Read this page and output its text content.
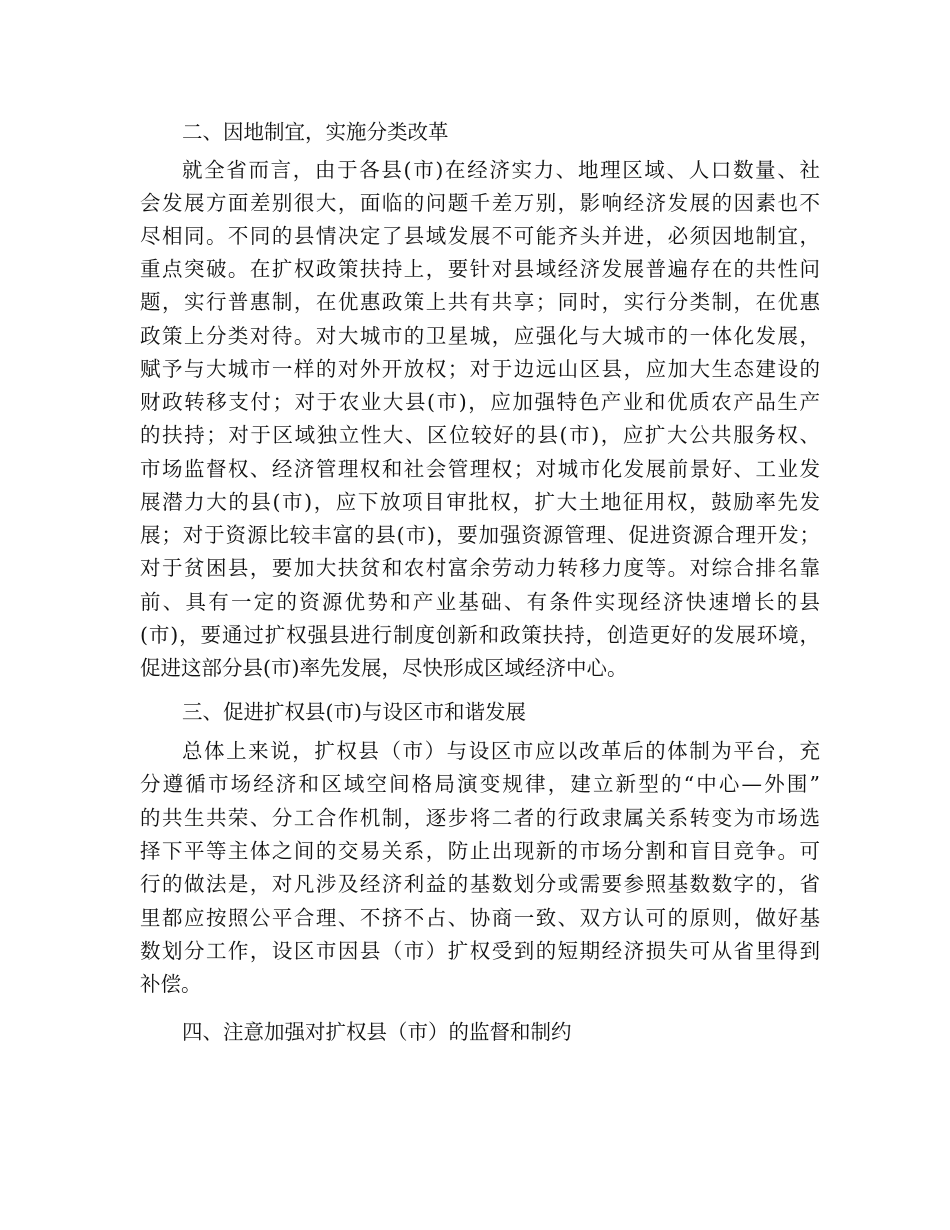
二、因地制宜，实施分类改革
就全省而言，由于各县(市)在经济实力、地理区域、人口数量、社
会发展方面差别很大，面临的问题千差万别，影响经济发展的因素也不
尽相同。不同的县情决定了县域发展不可能齐头并进，必须因地制宜，
重点突破。在扩权政策扶持上，要针对县域经济发展普遍存在的共性问
题，实行普惠制，在优惠政策上共有共享；同时，实行分类制，在优惠
政策上分类对待。对大城市的卫星城，应强化与大城市的一体化发展，
赋予与大城市一样的对外开放权；对于边远山区县，应加大生态建设的
财政转移支付；对于农业大县(市)，应加强特色产业和优质农产品生产
的扶持；对于区域独立性大、区位较好的县(市)，应扩大公共服务权、
市场监督权、经济管理权和社会管理权；对城市化发展前景好、工业发
展潜力大的县(市)，应下放项目审批权，扩大土地征用权，鼓励率先发
展；对于资源比较丰富的县(市)，要加强资源管理、促进资源合理开发；
对于贫困县，要加大扶贫和农村富余劳动力转移力度等。对综合排名靠
前、具有一定的资源优势和产业基础、有条件实现经济快速增长的县
(市)，要通过扩权强县进行制度创新和政策扶持，创造更好的发展环境，
促进这部分县(市)率先发展，尽快形成区域经济中心。
三、促进扩权县(市)与设区市和谐发展
总体上来说，扩权县（市）与设区市应以改革后的体制为平台，充
分遵循市场经济和区域空间格局演变规律，建立新型的“中心—外围”
的共生共荣、分工合作机制，逐步将二者的行政隶属关系转变为市场选
择下平等主体之间的交易关系，防止出现新的市场分割和盲目竞争。可
行的做法是，对凡涉及经济利益的基数划分或需要参照基数数字的，省
里都应按照公平合理、不挤不占、协商一致、双方认可的原则，做好基
数划分工作，设区市因县（市）扩权受到的短期经济损失可从省里得到
补偿。
四、注意加强对扩权县（市）的监督和制约
